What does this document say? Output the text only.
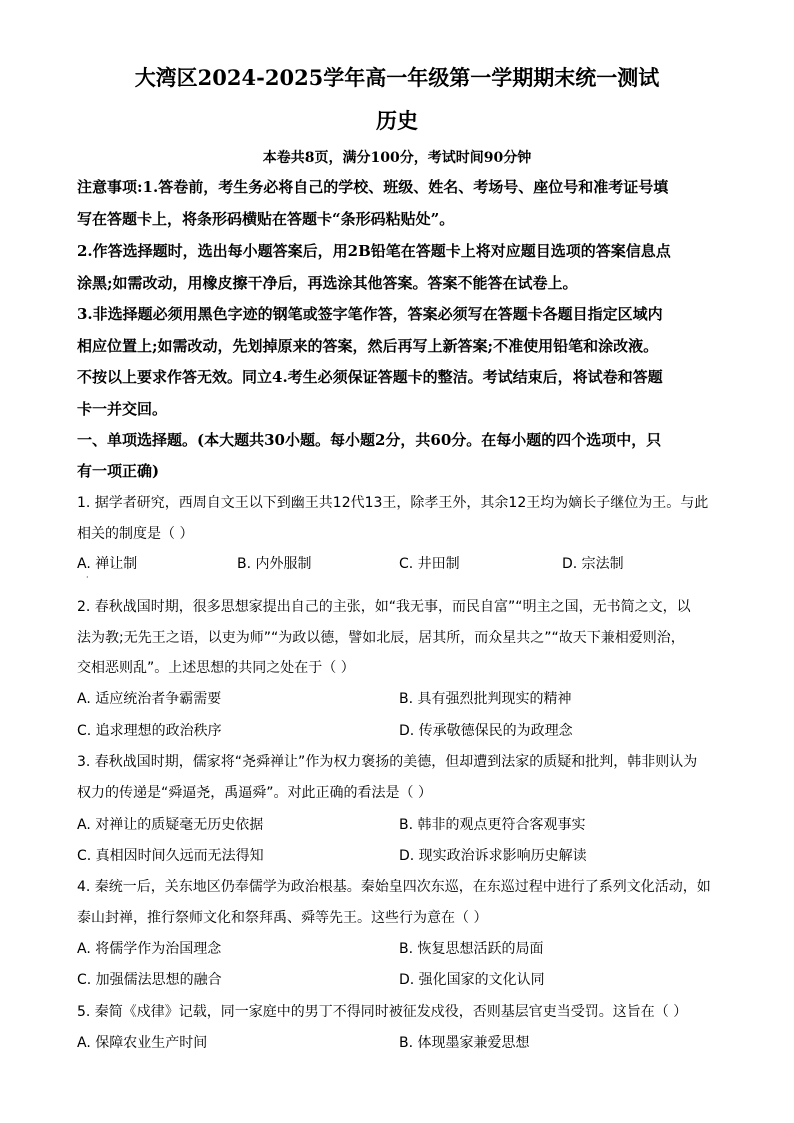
大湾区2024-2025学年高一年级第一学期期末统一测试
历史
本卷共8页，满分100分，考试时间90分钟
注意事项:1.答卷前，考生务必将自己的学校、班级、姓名、考场号、座位号和准考证号填
写在答题卡上，将条形码横贴在答题卡“条形码粘贴处”。
2.作答选择题时，选出每小题答案后，用2B铅笔在答题卡上将对应题目选项的答案信息点
涂黑;如需改动，用橡皮擦干净后，再选涂其他答案。答案不能答在试卷上。
3.非选择题必须用黑色字迹的钢笔或签字笔作答，答案必须写在答题卡各题目指定区域内
相应位置上;如需改动，先划掉原来的答案，然后再写上新答案;不准使用铅笔和涂改液。
不按以上要求作答无效。同立4.考生必须保证答题卡的整洁。考试结束后，将试卷和答题
卡一并交回。
一、单项选择题。(本大题共30小题。每小题2分，共60分。在每小题的四个选项中，只
有一项正确)
1. 据学者研究，西周自文王以下到幽王共12代13王，除孝王外，其余12王均为嫡长子继位为王。与此
相关的制度是（ ）
A. 禅让制	B. 内外服制	C. 井田制	D. 宗法制
·
2. 春秋战国时期，很多思想家提出自己的主张，如“我无事，而民自富”“明主之国，无书简之文，以
法为教;无先王之语，以吏为师”“为政以德，譬如北辰，居其所，而众星共之”“故天下兼相爱则治，
交相恶则乱”。上述思想的共同之处在于（ ）
A. 适应统治者争霸需要	B. 具有强烈批判现实的精神
C. 追求理想的政治秩序	D. 传承敬德保民的为政理念
3. 春秋战国时期，儒家将“尧舜禅让”作为权力褒扬的美德，但却遭到法家的质疑和批判，韩非则认为
权力的传递是“舜逼尧，禹逼舜”。对此正确的看法是（ ）
A. 对禅让的质疑毫无历史依据	B. 韩非的观点更符合客观事实
C. 真相因时间久远而无法得知	D. 现实政治诉求影响历史解读
4. 秦统一后，关东地区仍奉儒学为政治根基。秦始皇四次东巡，在东巡过程中进行了系列文化活动，如
泰山封禅，推行祭师文化和祭拜禹、舜等先王。这些行为意在（ ）
A. 将儒学作为治国理念	B. 恢复思想活跃的局面
C. 加强儒法思想的融合	D. 强化国家的文化认同
5. 秦简《戍律》记载，同一家庭中的男丁不得同时被征发戍役，否则基层官吏当受罚。这旨在（ ）
A. 保障农业生产时间	B. 体现墨家兼爱思想
